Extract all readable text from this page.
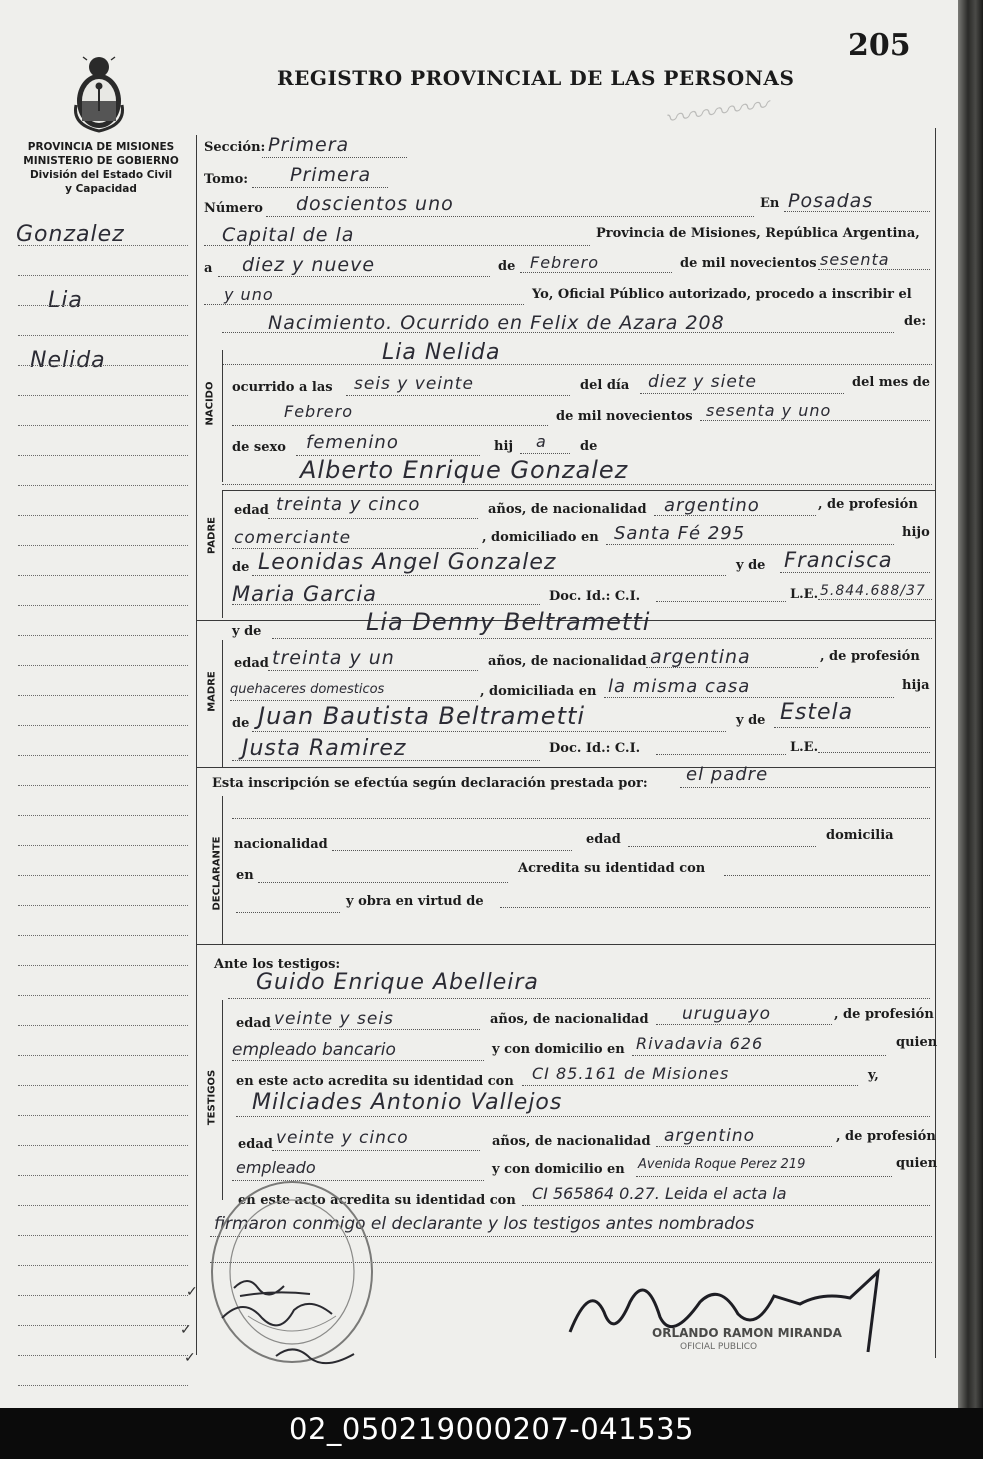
205
REGISTRO PROVINCIAL DE LAS PERSONAS
PROVINCIA DE MISIONES
MINISTERIO DE GOBIERNO
División del Estado Civil
y Capacidad
〰〰〰〰
Gonzalez
Lia
Nelida
Sección: Primera
Tomo: Primera
Número doscientos uno	En Posadas
Capital de la	Provincia de Misiones, República Argentina,
a diez y nueve	de Febrero	de mil novecientos sesenta
y uno	Yo, Oficial Público autorizado, procedo a inscribir el
Nacimiento. Ocurrido en Felix de Azara 208	de:
Lia Nelida
NACIDO ocurrido a las seis y veinte	del día diez y siete	del mes de
Febrero	de mil novecientos sesenta y uno
de sexo femenino	hij a	de
Alberto Enrique Gonzalez
PADRE
edad treinta y cinco	años, de nacionalidad argentino	, de profesión
comerciante	, domiciliado en Santa Fé 295	hijo
de Leonidas Angel Gonzalez	y de Francisca
Maria Garcia	Doc. Id.: C.I.	L.E. 5.844.688/37
y de	Lia Denny Beltrametti
MADRE
edad treinta y un	años, de nacionalidad argentina	, de profesión
quehaceres domesticos	, domiciliada en la misma casa	hija
de Juan Bautista Beltrametti	y de Estela
Justa Ramirez	Doc. Id.: C.I.	L.E.
Esta inscripción se efectúa según declaración prestada por: el padre
DECLARANTE nacionalidad	edad	domicilia
en	Acredita su identidad con
y obra en virtud de
Ante los testigos:
Guido Enrique Abelleira
TESTIGOS
edad veinte y seis	años, de nacionalidad uruguayo	, de profesión
empleado bancario	y con domicilio en Rivadavia 626	quien
en este acto acredita su identidad con CI 85.161 de Misiones	y,
Milciades Antonio Vallejos
edad veinte y cinco	años, de nacionalidad argentino	, de profesión
empleado	y con domicilio en Avenida Roque Perez 219	quien
en este acto acredita su identidad con CI 565864 0.27. Leida el acta la
firmaron conmigo el declarante y los testigos antes nombrados
ORLANDO RAMON MIRANDA
OFICIAL PUBLICO
✓
✓
✓
02_050219000207-041535
